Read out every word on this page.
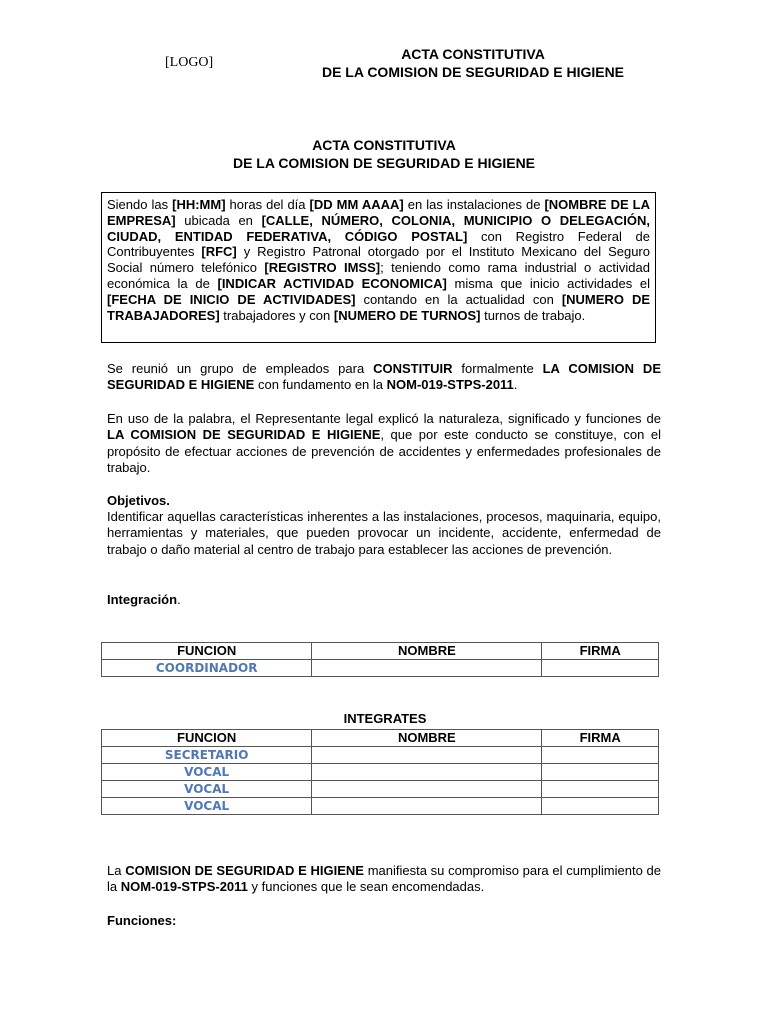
[LOGO]
ACTA CONSTITUTIVA
DE LA COMISION DE SEGURIDAD E HIGIENE
ACTA CONSTITUTIVA
DE LA COMISION DE SEGURIDAD E HIGIENE
Siendo las [HH:MM] horas del día [DD MM AAAA] en las instalaciones de [NOMBRE DE LA EMPRESA] ubicada en [CALLE, NÚMERO, COLONIA, MUNICIPIO O DELEGACIÓN, CIUDAD, ENTIDAD FEDERATIVA, CÓDIGO POSTAL] con Registro Federal de Contribuyentes [RFC] y Registro Patronal otorgado por el Instituto Mexicano del Seguro Social número telefónico [REGISTRO IMSS]; teniendo como rama industrial o actividad económica la de [INDICAR ACTIVIDAD ECONOMICA] misma que inicio actividades el [FECHA DE INICIO DE ACTIVIDADES] contando en la actualidad con [NUMERO DE TRABAJADORES] trabajadores y con [NUMERO DE TURNOS] turnos de trabajo.
Se reunió un grupo de empleados para CONSTITUIR formalmente LA COMISION DE SEGURIDAD E HIGIENE con fundamento en la NOM-019-STPS-2011.
En uso de la palabra, el Representante legal explicó la naturaleza, significado y funciones de LA COMISION DE SEGURIDAD E HIGIENE, que por este conducto se constituye, con el propósito de efectuar acciones de prevención de accidentes y enfermedades profesionales de trabajo.
Objetivos.
Identificar aquellas características inherentes a las instalaciones, procesos, maquinaria, equipo, herramientas y materiales, que pueden provocar un incidente, accidente, enfermedad de trabajo o daño material al centro de trabajo para establecer las acciones de prevención.
Integración.
FUNCION	NOMBRE	FIRMA
COORDINADOR		
INTEGRATES
FUNCION	NOMBRE	FIRMA
SECRETARIO		
VOCAL		
VOCAL		
VOCAL		
La COMISION DE SEGURIDAD E HIGIENE manifiesta su compromiso para el cumplimiento de la NOM-019-STPS-2011 y funciones que le sean encomendadas.
Funciones:
